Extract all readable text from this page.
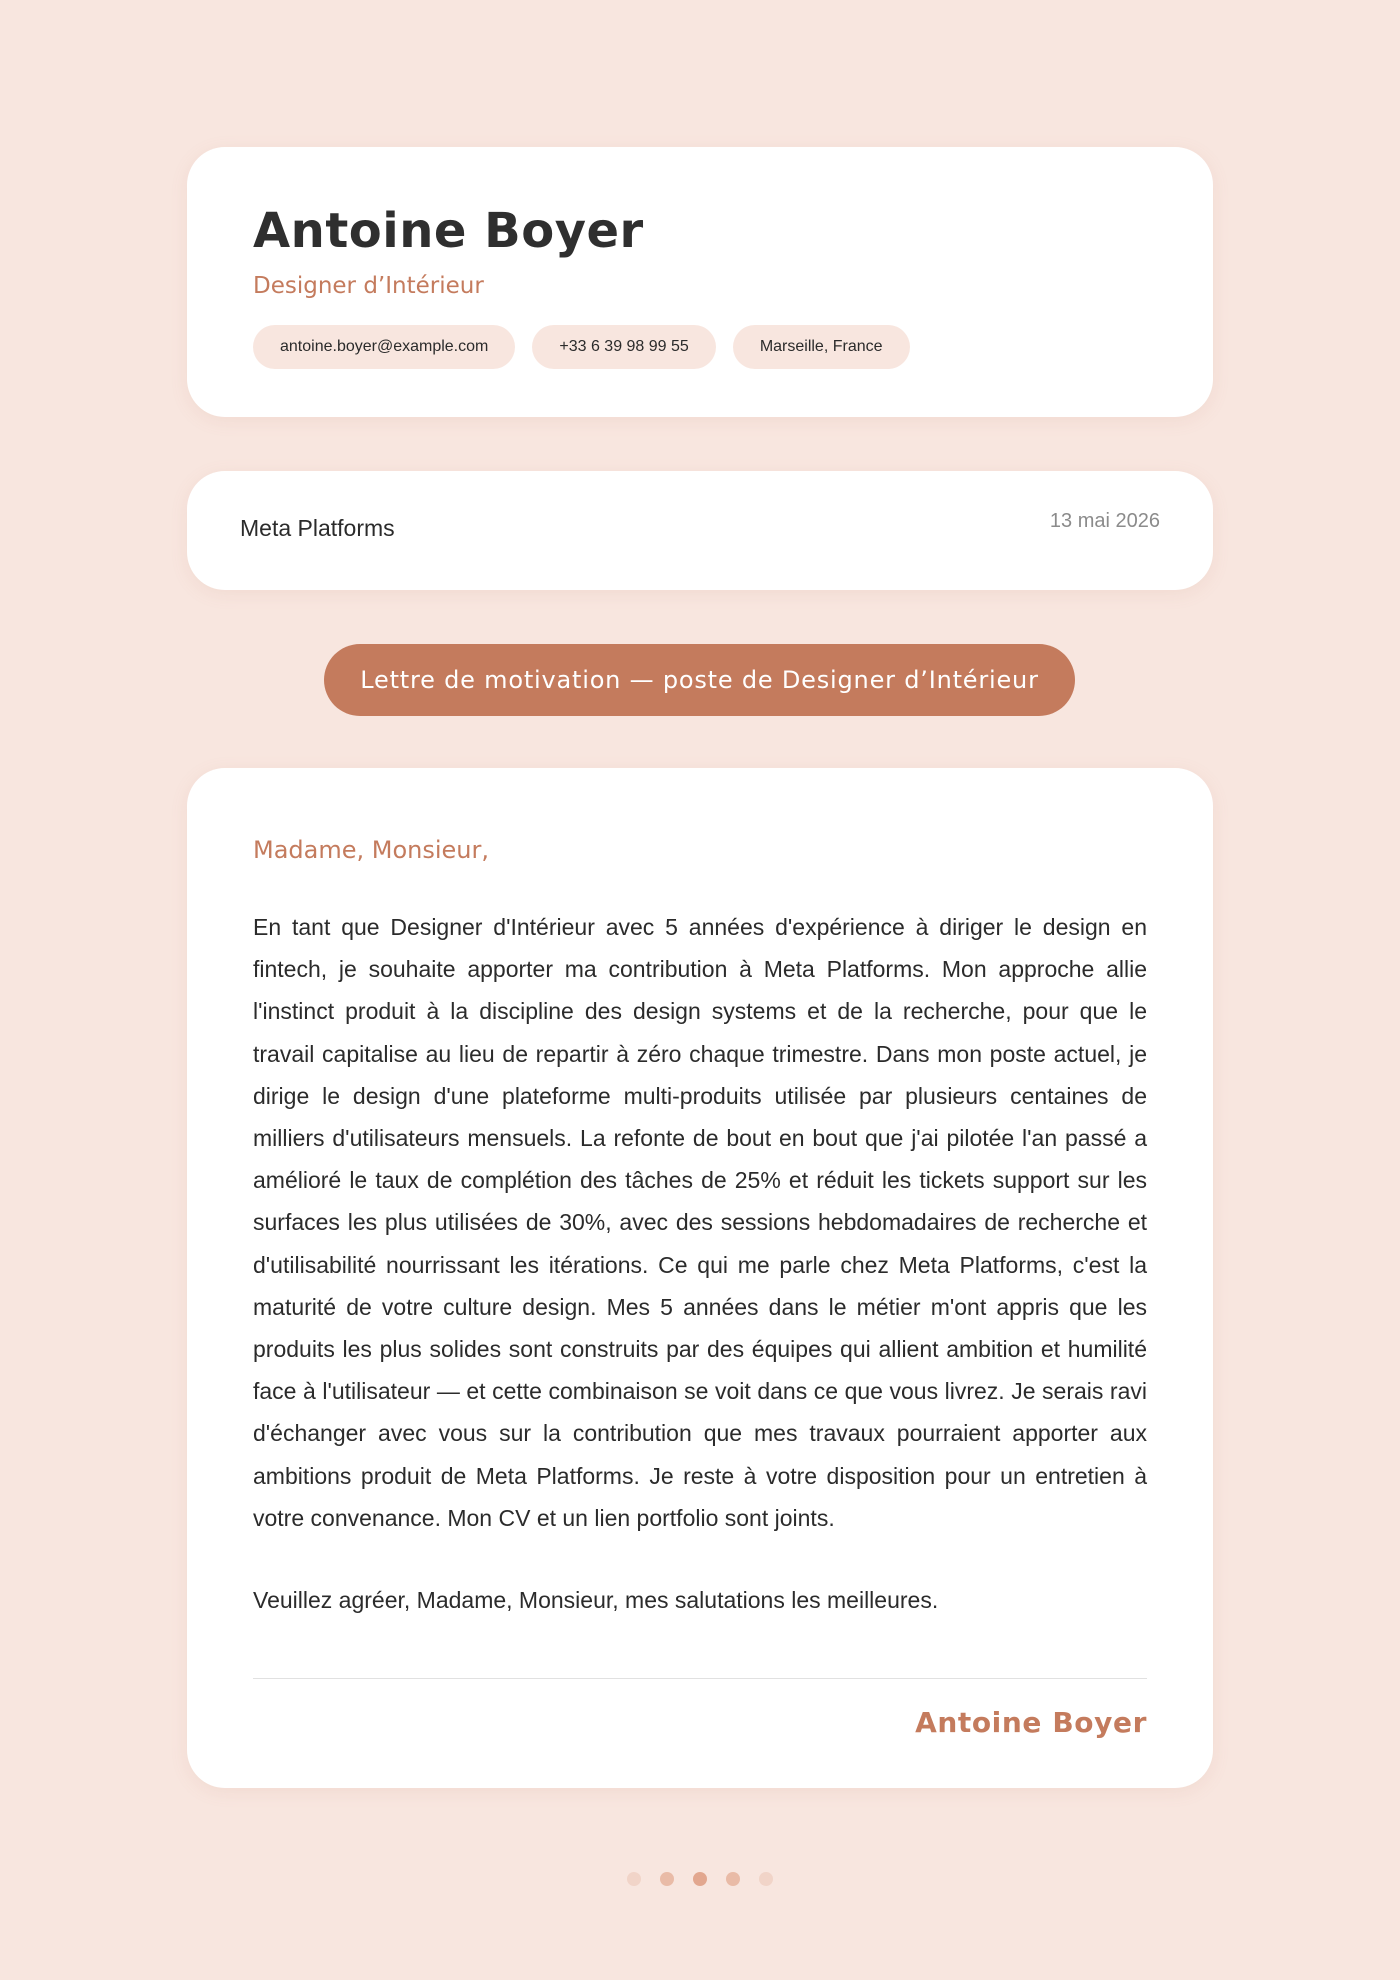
Antoine Boyer
Designer d’Intérieur
antoine.boyer@example.com	+33 6 39 98 99 55	Marseille, France
Meta Platforms	13 mai 2026
Lettre de motivation — poste de Designer d’Intérieur

Madame, Monsieur,

En tant que Designer d'Intérieur avec 5 années d'expérience à diriger le design en fintech, je souhaite apporter ma contribution à Meta Platforms. Mon approche allie l'instinct produit à la discipline des design systems et de la recherche, pour que le travail capitalise au lieu de repartir à zéro chaque trimestre. Dans mon poste actuel, je dirige le design d'une plateforme multi-produits utilisée par plusieurs centaines de milliers d'utilisateurs mensuels. La refonte de bout en bout que j'ai pilotée l'an passé a amélioré le taux de complétion des tâches de 25% et réduit les tickets support sur les surfaces les plus utilisées de 30%, avec des sessions hebdomadaires de recherche et d'utilisabilité nourrissant les itérations. Ce qui me parle chez Meta Platforms, c'est la maturité de votre culture design. Mes 5 années dans le métier m'ont appris que les produits les plus solides sont construits par des équipes qui allient ambition et humilité face à l'utilisateur — et cette combinaison se voit dans ce que vous livrez. Je serais ravi d'échanger avec vous sur la contribution que mes travaux pourraient apporter aux ambitions produit de Meta Platforms. Je reste à votre disposition pour un entretien à votre convenance. Mon CV et un lien portfolio sont joints.
Veuillez agréer, Madame, Monsieur, mes salutations les meilleures.
Antoine Boyer
